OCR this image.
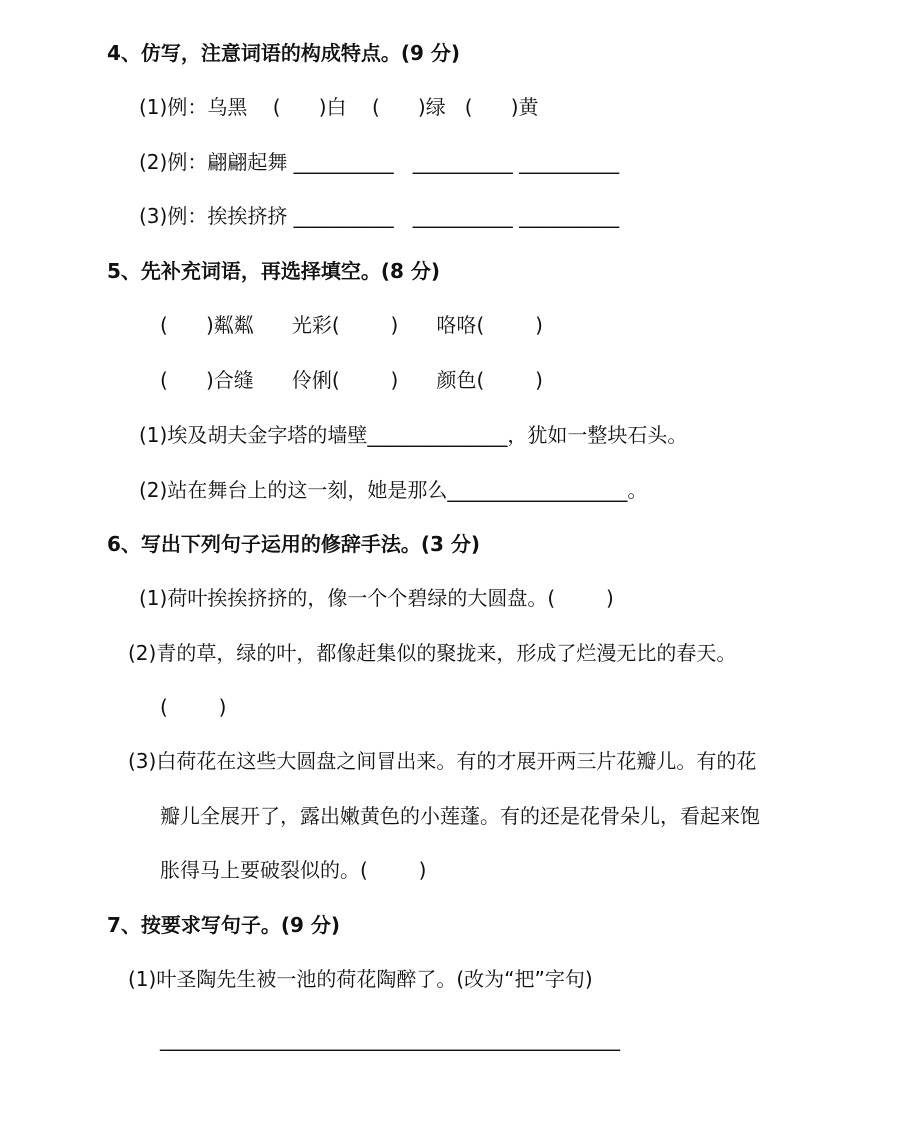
4、仿写，注意词语的构成特点。(9 分)
(1)例：乌黑    (      )白    (      )绿   (      )黄
(2)例：翩翩起舞 __________   __________ __________
(3)例：挨挨挤挤 __________   __________ __________
5、先补充词语，再选择填空。(8 分)
(      )粼粼      光彩(        )      咯咯(        )
(      )合缝      伶俐(        )      颜色(        )
(1)埃及胡夫金字塔的墙壁______________，犹如一整块石头。
(2)站在舞台上的这一刻，她是那么__________________。
6、写出下列句子运用的修辞手法。(3 分)
(1)荷叶挨挨挤挤的，像一个个碧绿的大圆盘。(        )
(2)青的草，绿的叶，都像赶集似的聚拢来，形成了烂漫无比的春天。
(        )
(3)白荷花在这些大圆盘之间冒出来。有的才展开两三片花瓣儿。有的花
瓣儿全展开了，露出嫩黄色的小莲蓬。有的还是花骨朵儿，看起来饱
胀得马上要破裂似的。(        )
7、按要求写句子。(9 分)
(1)叶圣陶先生被一池的荷花陶醉了。(改为“把”字句)
______________________________________________
